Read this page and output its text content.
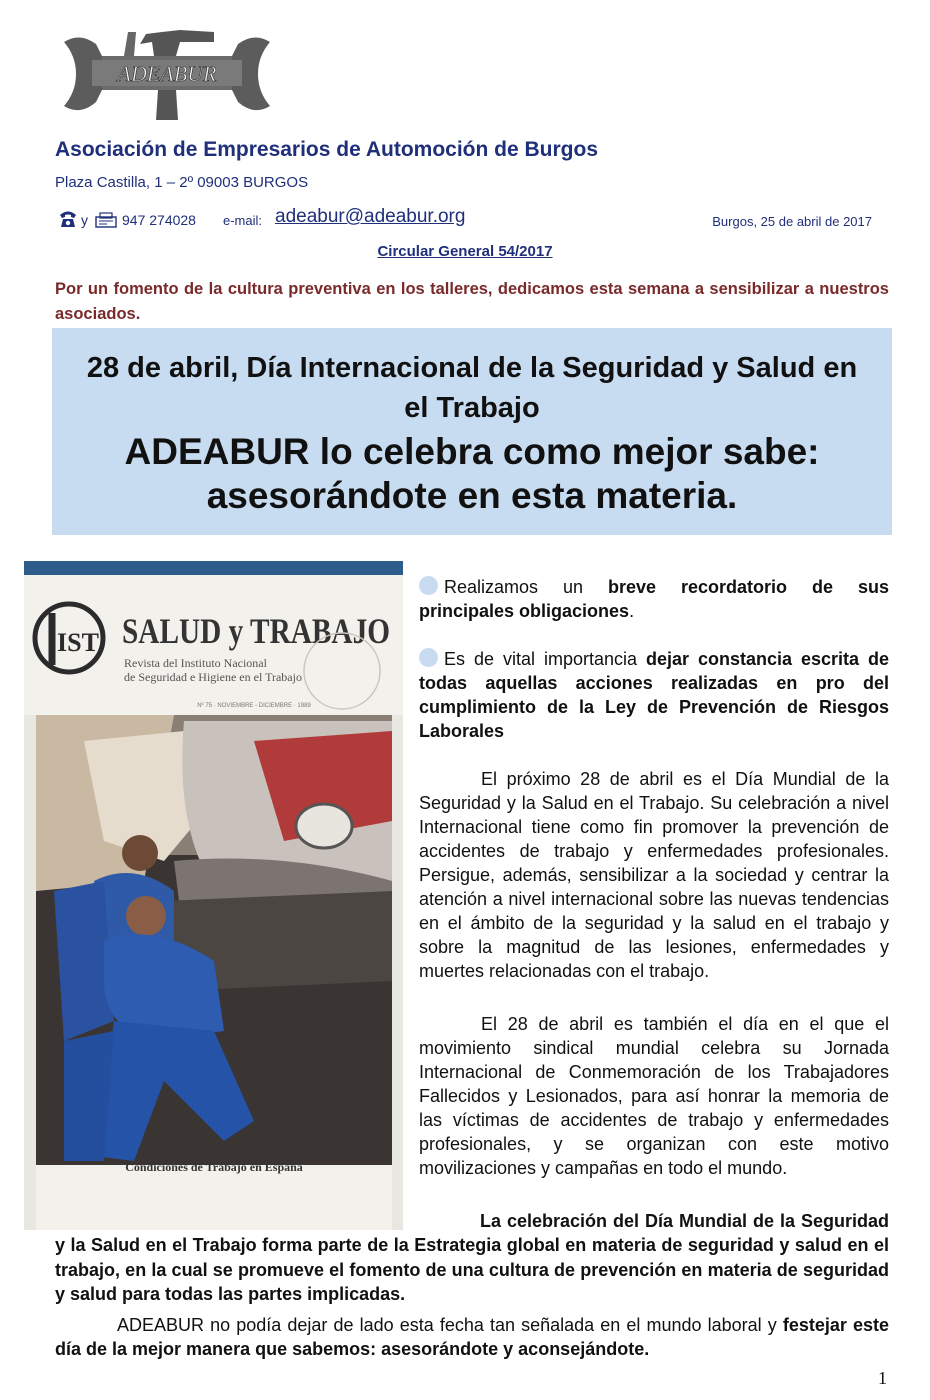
ADEABUR
Asociación de Empresarios de Automoción de Burgos
Plaza Castilla, 1 – 2º 09003 BURGOS
y 947 274028 e-mail: adeabur@adeabur.org	Burgos, 25 de abril de 2017
Circular General 54/2017

Por un fomento de la cultura preventiva en los talleres, dedicamos esta semana a sensibilizar a nuestros asociados.

28 de abril, Día Internacional de la Seguridad y Salud en el Trabajo

ADEABUR lo celebra como mejor sabe: asesorándote en esta materia.

IST SALUD y TRABAJO
Revista del Instituto Nacional
de Seguridad e Higiene en el Trabajo
Nº 75 · NOVIEMBRE - DICIEMBRE · 1989
Condiciones de Trabajo en España

Realizamos un breve recordatorio de sus principales obligaciones.

Es de vital importancia dejar constancia escrita de todas aquellas acciones realizadas en pro del cumplimiento de la Ley de Prevención de Riesgos Laborales

El próximo 28 de abril es el Día Mundial de la Seguridad y la Salud en el Trabajo. Su celebración a nivel Internacional tiene como fin promover la prevención de accidentes de trabajo y enfermedades profesionales. Persigue, además, sensibilizar a la sociedad y centrar la atención a nivel internacional sobre las nuevas tendencias en el ámbito de la seguridad y la salud en el trabajo y sobre la magnitud de las lesiones, enfermedades y muertes relacionadas con el trabajo.

El 28 de abril es también el día en el que el movimiento sindical mundial celebra su Jornada Internacional de Conmemoración de los Trabajadores Fallecidos y Lesionados, para así honrar la memoria de las víctimas de accidentes de trabajo y enfermedades profesionales, y se organizan con este motivo movilizaciones y campañas en todo el mundo.

La celebración del Día Mundial de la Seguridad y la Salud en el Trabajo forma parte de la Estrategia global en materia de seguridad y salud en el trabajo, en la cual se promueve el fomento de una cultura de prevención en materia de seguridad y salud para todas las partes implicadas.

ADEABUR no podía dejar de lado esta fecha tan señalada en el mundo laboral y festejar este día de la mejor manera que sabemos: asesorándote y aconsejándote.

1
